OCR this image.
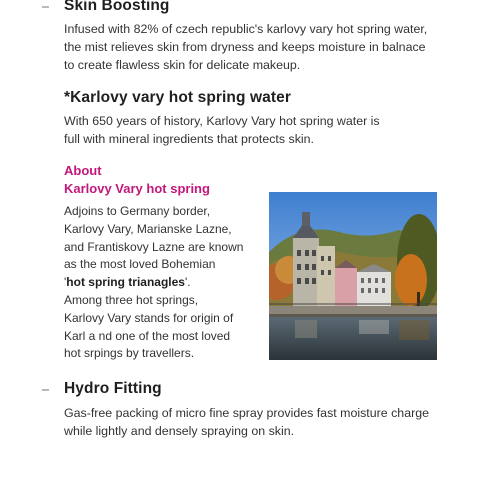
Skin Boosting
Infused with 82% of czech republic's karlovy vary hot spring water,
the mist relieves skin from dryness and keeps moisture in balnace
to create flawless skin for delicate makeup.
*Karlovy vary hot spring water
With 650 years of history, Karlovy Vary hot spring water is
full with mineral ingredients that protects skin.
About
Karlovy Vary hot spring
Adjoins to Germany border,
Karlovy Vary, Marianske Lazne,
and Frantiskovy Lazne are known
as the most loved Bohemian
'hot spring trianagles'.
Among three hot springs,
Karlovy Vary stands for origin of
Karl a nd one of the most loved
hot srpings by travellers.
Hydro Fitting
Gas-free packing of micro fine spray provides fast moisture charge
while lightly and densely spraying on skin.
